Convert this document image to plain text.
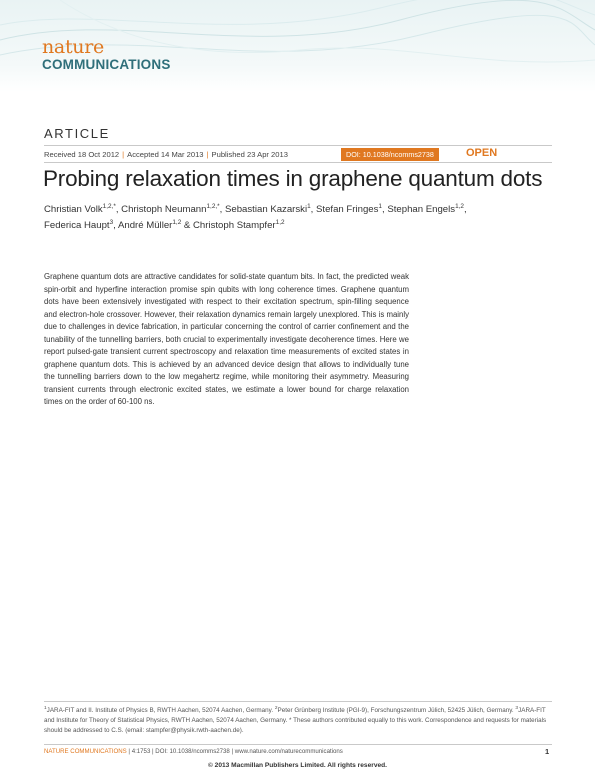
nature
COMMUNICATIONS
ARTICLE
Received 18 Oct 2012 | Accepted 14 Mar 2013 | Published 23 Apr 2013	DOI: 10.1038/ncomms2738	OPEN
Probing relaxation times in graphene quantum dots
Christian Volk$^{1,2,*}$, Christoph Neumann$^{1,2,*}$, Sebastian Kazarski$^1$, Stefan Fringes$^1$, Stephan Engels$^{1,2}$,
Federica Haupt$^3$, André Müller$^{1,2}$ & Christoph Stampfer$^{1,2}$
Graphene quantum dots are attractive candidates for solid-state quantum bits. In fact, the predicted weak spin-orbit and hyperfine interaction promise spin qubits with long coherence times. Graphene quantum dots have been extensively investigated with respect to their excitation spectrum, spin-filling sequence and electron-hole crossover. However, their relaxation dynamics remain largely unexplored. This is mainly due to challenges in device fabrication, in particular concerning the control of carrier confinement and the tunability of the tunnelling barriers, both crucial to experimentally investigate decoherence times. Here we report pulsed-gate transient current spectroscopy and relaxation time measurements of excited states in graphene quantum dots. This is achieved by an advanced device design that allows to individually tune the tunnelling barriers down to the low megahertz regime, while monitoring their asymmetry. Measuring transient currents through electronic excited states, we estimate a lower bound for charge relaxation times on the order of 60-100 ns.
$^1$JARA-FIT and II. Institute of Physics B, RWTH Aachen, 52074 Aachen, Germany. $^2$Peter Grünberg Institute (PGI-9), Forschungszentrum Jülich, 52425 Jülich, Germany. $^3$JARA-FIT and Institute for Theory of Statistical Physics, RWTH Aachen, 52074 Aachen, Germany. * These authors contributed equally to this work. Correspondence and requests for materials should be addressed to C.S. (email: stampfer@physik.rwth-aachen.de).
NATURE COMMUNICATIONS | 4:1753 | DOI: 10.1038/ncomms2738 | www.nature.com/naturecommunications	1
© 2013 Macmillan Publishers Limited. All rights reserved.
